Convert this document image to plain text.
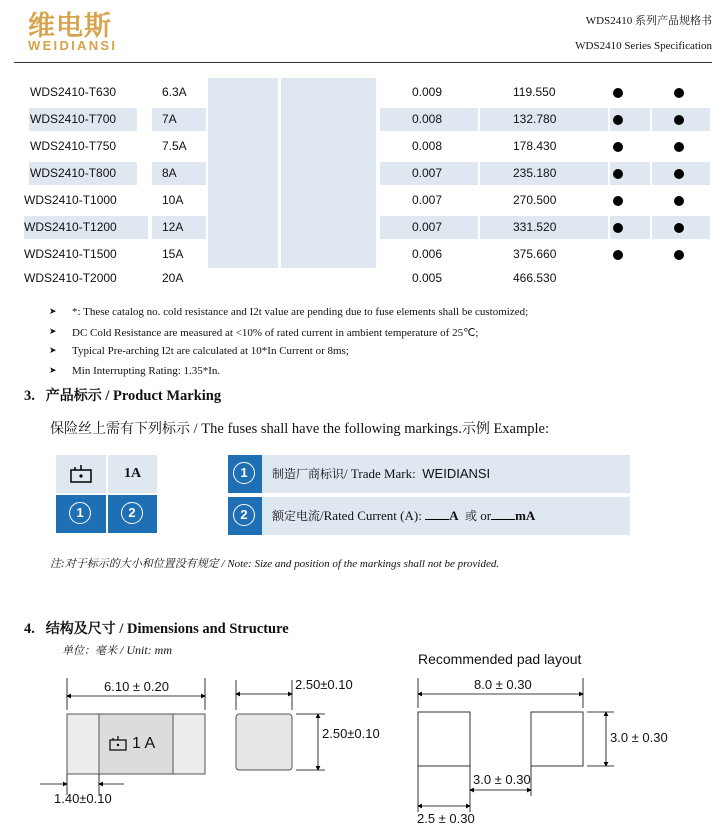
维电斯
WEIDIANSI
WDS2410 系列产品规格书
WDS2410 Series Specification
WDS2410-T630	6.3A	0.009	119.550
WDS2410-T700	7A	0.008	132.780
WDS2410-T750	7.5A	0.008	178.430
WDS2410-T800	8A	0.007	235.180
WDS2410-T1000	10A	0.007	270.500
WDS2410-T1200	12A	0.007	331.520
WDS2410-T1500	15A	0.006	375.660
WDS2410-T2000	20A	0.005	466.530
➤ *: These catalog no. cold resistance and I2t value are pending due to fuse elements shall be customized;
➤ DC Cold Resistance are measured at <10% of rated current in ambient temperature of 25℃;
➤ Typical Pre-arching I2t are calculated at 10*In Current or 8ms;
➤ Min Interrupting Rating: 1.35*In.
3. 产品标示 / Product Marking
保险丝上需有下列标示 / The fuses shall have the following markings.示例 Example:
1A
1	2
1	制造厂商标识/ Trade Mark: WEIDIANSI
2	额定电流/Rated Current (A): A 或 or mA
注:对于标示的大小和位置没有规定 / Note: Size and position of the markings shall not be provided.
4. 结构及尺寸 / Dimensions and Structure
单位：毫米 / Unit: mm
Recommended pad layout
6.10 ± 0.20
1 A
1.40±0.10
2.50±0.10
2.50±0.10
8.0 ± 0.30
3.0 ± 0.30
3.0 ± 0.30
2.5 ± 0.30
